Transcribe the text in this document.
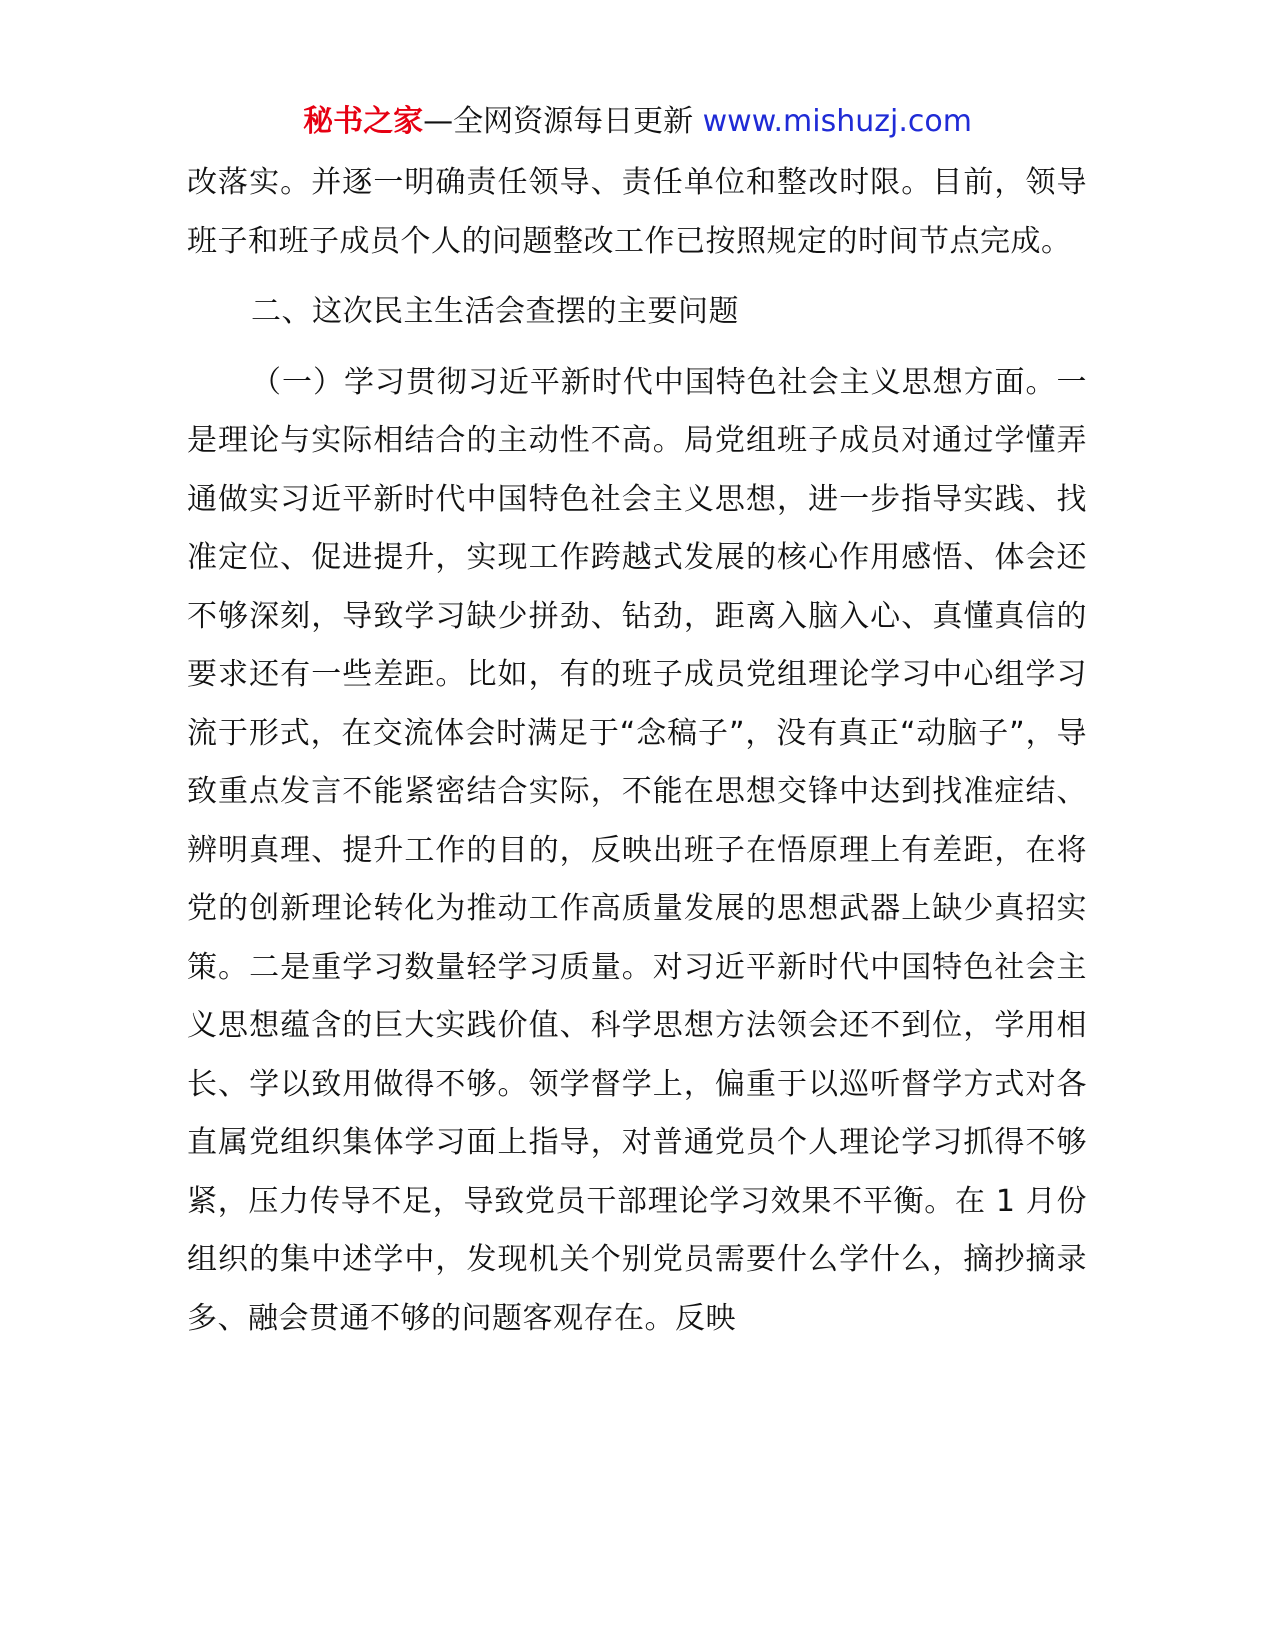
秘书之家—全网资源每日更新 www.mishuzj.com

改落实。并逐一明确责任领导、责任单位和整改时限。目前，领导班子和班子成员个人的问题整改工作已按照规定的时间节点完成。

二、这次民主生活会查摆的主要问题

（一）学习贯彻习近平新时代中国特色社会主义思想方面。一是理论与实际相结合的主动性不高。局党组班子成员对通过学懂弄通做实习近平新时代中国特色社会主义思想，进一步指导实践、找准定位、促进提升，实现工作跨越式发展的核心作用感悟、体会还不够深刻，导致学习缺少拼劲、钻劲，距离入脑入心、真懂真信的要求还有一些差距。比如，有的班子成员党组理论学习中心组学习流于形式，在交流体会时满足于“念稿子”，没有真正“动脑子”，导致重点发言不能紧密结合实际，不能在思想交锋中达到找准症结、辨明真理、提升工作的目的，反映出班子在悟原理上有差距，在将党的创新理论转化为推动工作高质量发展的思想武器上缺少真招实策。二是重学习数量轻学习质量。对习近平新时代中国特色社会主义思想蕴含的巨大实践价值、科学思想方法领会还不到位，学用相长、学以致用做得不够。领学督学上，偏重于以巡听督学方式对各直属党组织集体学习面上指导，对普通党员个人理论学习抓得不够紧，压力传导不足，导致党员干部理论学习效果不平衡。在 1 月份组织的集中述学中，发现机关个别党员需要什么学什么，摘抄摘录多、融会贯通不够的问题客观存在。反映
